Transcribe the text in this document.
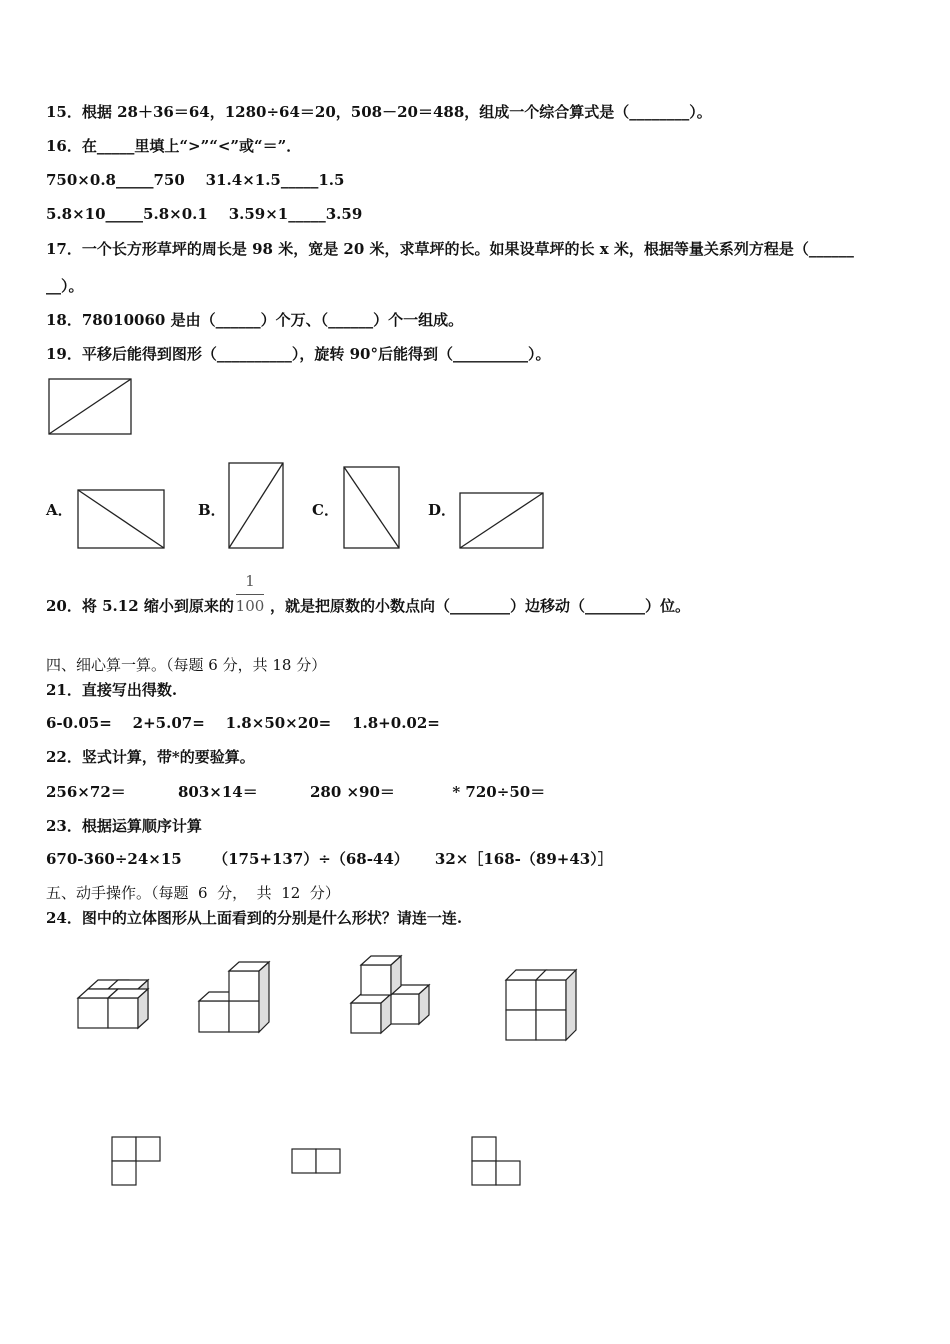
15．根据 28＋36＝64，1280÷64＝20，508－20＝488，组成一个综合算式是（________）。
16．在_____里填上“>”“<”或“＝”．
750×0.8_____750    31.4×1.5_____1.5
5.8×10_____5.8×0.1    3.59×1_____3.59
17．一个长方形草坪的周长是 98 米，宽是 20 米，求草坪的长。如果设草坪的长 x 米，根据等量关系列方程是（______
__）。
18．78010060 是由（______）个万、（______）个一组成。
19．平移后能得到图形（__________），旋转 90°后能得到（__________）。
A．	B．	C．	D．
20．将 5.12 缩小到原来的
1
100 ，就是把原数的小数点向（________）边移动（________）位。
四、细心算一算。（每题 6 分，共 18 分）
21．直接写出得数.
6-0.05=    2+5.07=    1.8×50×20=    1.8+0.02=
22．竖式计算，带*的要验算。
256×72＝          803×14＝          280 ×90＝           * 720÷50＝
23．根据运算顺序计算
670-360÷24×15      （175+137）÷（68-44）     32×［168-（89+43）］
五、动手操作。（每题  6  分，  共  12  分）
24．图中的立体图形从上面看到的分别是什么形状？请连一连.
